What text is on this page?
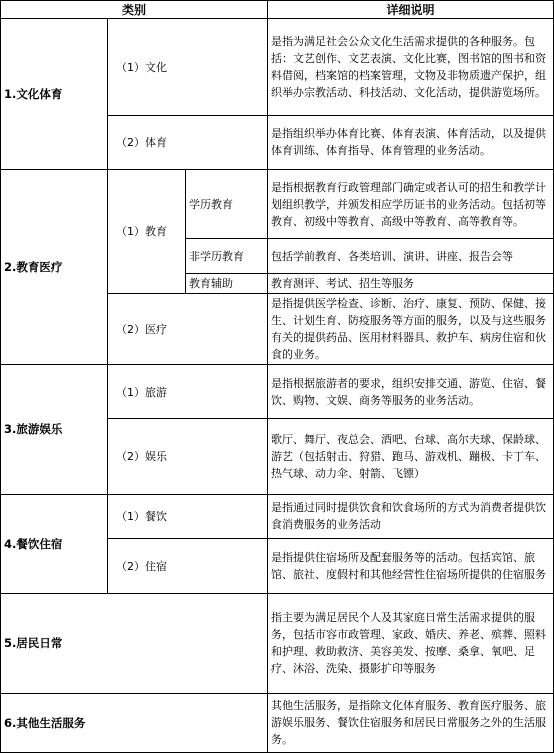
类别			详细说明
1.文化体育	（1）文化		是指为满足社会公众文化生活需求提供的各种服务。包括：文艺创作、文艺表演、文化比赛，图书馆的图书和资料借阅，档案馆的档案管理，文物及非物质遗产保护，组织举办宗教活动、科技活动、文化活动，提供游览场所。
	（2）体育		是指组织举办体育比赛、体育表演、体育活动，以及提供体育训练、体育指导、体育管理的业务活动。
2.教育医疗	（1）教育	学历教育	是指根据教育行政管理部门确定或者认可的招生和教学计划组织教学，并颁发相应学历证书的业务活动。包括初等教育、初级中等教育、高级中等教育、高等教育等。
		非学历教育	包括学前教育、各类培训、演讲、讲座、报告会等
		教育辅助	教育测评、考试、招生等服务
	（2）医疗		是指提供医学检查、诊断、治疗、康复、预防、保健、接生、计划生育、防疫服务等方面的服务，以及与这些服务有关的提供药品、医用材料器具、救护车、病房住宿和伙食的业务。
3.旅游娱乐	（1）旅游		是指根据旅游者的要求，组织安排交通、游览、住宿、餐饮、购物、文娱、商务等服务的业务活动。
	（2）娱乐		歌厅、舞厅、夜总会、酒吧、台球、高尔夫球、保龄球、游艺（包括射击、狩猎、跑马、游戏机、蹦极、卡丁车、热气球、动力伞、射箭、飞镖）
4.餐饮住宿	（1）餐饮		是指通过同时提供饮食和饮食场所的方式为消费者提供饮食消费服务的业务活动
	（2）住宿		是指提供住宿场所及配套服务等的活动。包括宾馆、旅馆、旅社、度假村和其他经营性住宿场所提供的住宿服务
5.居民日常			指主要为满足居民个人及其家庭日常生活需求提供的服务，包括市容市政管理、家政、婚庆、养老、殡葬、照料和护理、救助救济、美容美发、按摩、桑拿、氧吧、足疗、沐浴、洗染、摄影扩印等服务
6.其他生活服务			其他生活服务，是指除文化体育服务、教育医疗服务、旅游娱乐服务、餐饮住宿服务和居民日常服务之外的生活服务。
